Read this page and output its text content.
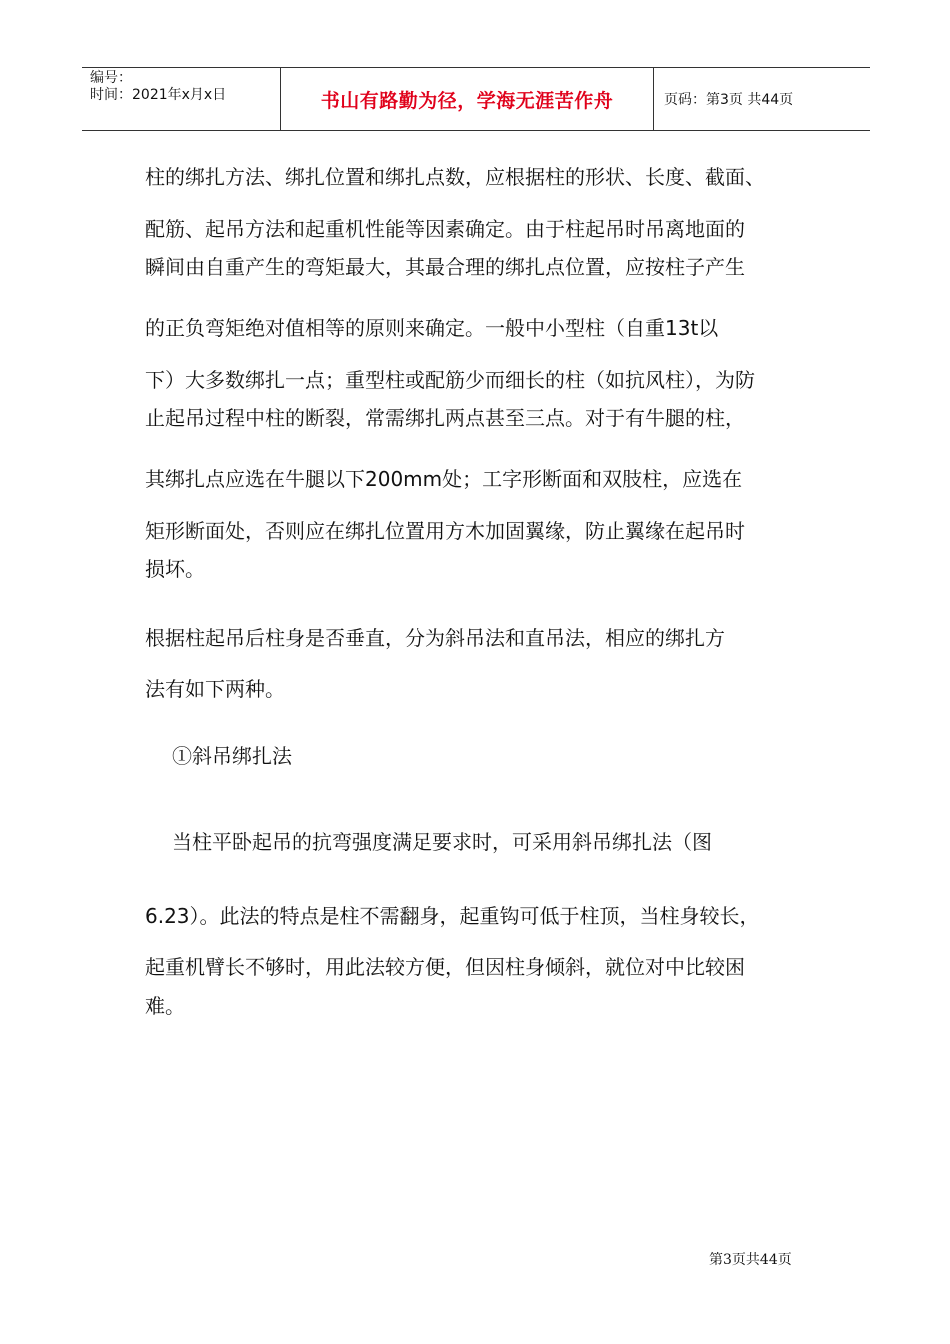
编号：
时间：2021年x月x日	书山有路勤为径，学海无涯苦作舟	页码：第3页 共44页

柱的绑扎方法、绑扎位置和绑扎点数，应根据柱的形状、长度、截面、

配筋、起吊方法和起重机性能等因素确定。由于柱起吊时吊离地面的

瞬间由自重产生的弯矩最大，其最合理的绑扎点位置，应按柱子产生

的正负弯矩绝对值相等的原则来确定。一般中小型柱（自重13t以

下）大多数绑扎一点；重型柱或配筋少而细长的柱（如抗风柱），为防

止起吊过程中柱的断裂，常需绑扎两点甚至三点。对于有牛腿的柱，

其绑扎点应选在牛腿以下200mm处；工字形断面和双肢柱，应选在

矩形断面处，否则应在绑扎位置用方木加固翼缘，防止翼缘在起吊时

损坏。

根据柱起吊后柱身是否垂直，分为斜吊法和直吊法，相应的绑扎方

法有如下两种。

①斜吊绑扎法

当柱平卧起吊的抗弯强度满足要求时，可采用斜吊绑扎法（图

6.23）。此法的特点是柱不需翻身，起重钩可低于柱顶，当柱身较长，

起重机臂长不够时，用此法较方便，但因柱身倾斜，就位对中比较困

难。

第3页共44页
